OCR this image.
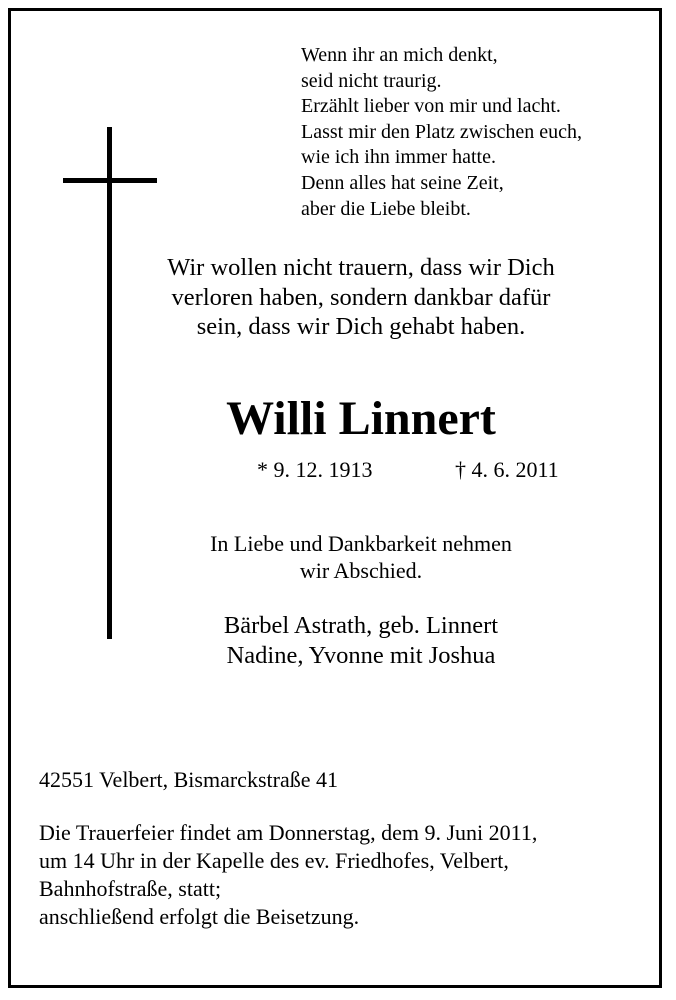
Wenn ihr an mich denkt,
seid nicht traurig.
Erzählt lieber von mir und lacht.
Lasst mir den Platz zwischen euch,
wie ich ihn immer hatte.
Denn alles hat seine Zeit,
aber die Liebe bleibt.
Wir wollen nicht trauern, dass wir Dich
verloren haben, sondern dankbar dafür
sein, dass wir Dich gehabt haben.
Willi Linnert
* 9. 12. 1913	† 4. 6. 2011
In Liebe und Dankbarkeit nehmen
wir Abschied.
Bärbel Astrath, geb. Linnert
Nadine, Yvonne mit Joshua
42551 Velbert, Bismarckstraße 41
Die Trauerfeier findet am Donnerstag, dem 9. Juni 2011,
um 14 Uhr in der Kapelle des ev. Friedhofes, Velbert,
Bahnhofstraße, statt;
anschließend erfolgt die Beisetzung.
